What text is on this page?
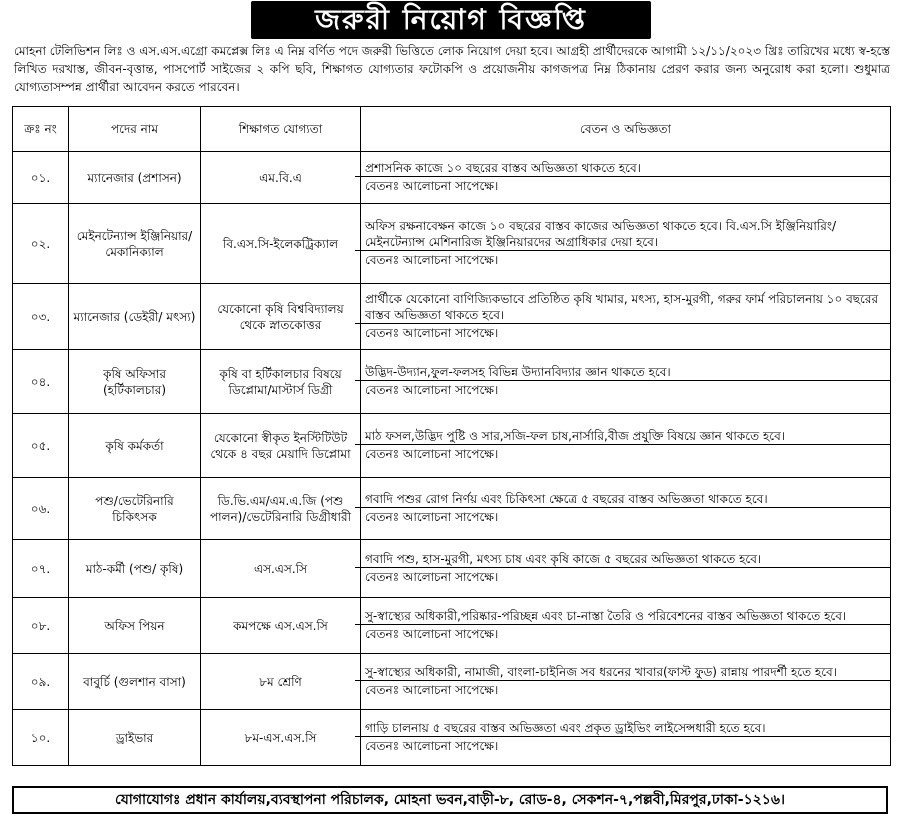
জরুরী নিয়োগ বিজ্ঞপ্তি
মোহনা টেলিভিশন লিঃ ও এস.এস.এগ্রো কমপ্লেক্স লিঃ এ নিম্ন বর্ণিত পদে জরুরী ভিত্তিতে লোক নিয়োগ দেয়া হবে। আগ্রহী প্রার্থীদেরকে আগামী ১২/১১/২০২৩ খ্রিঃ তারিখের মধ্যে স্ব-হস্তে লিখিত দরখাস্ত, জীবন-বৃত্তান্ত, পাসপোর্ট সাইজের ২ কপি ছবি, শিক্ষাগত যোগ্যতার ফটোকপি ও প্রয়োজনীয় কাগজপত্র নিম্ন ঠিকানায় প্রেরণ করার জন্য অনুরোধ করা হলো। শুধুমাত্র যোগ্যতাসম্পন্ন প্রার্থীরা আবেদন করতে পারবেন।
ক্রঃ নং	পদের নাম	শিক্ষাগত যোগ্যতা	বেতন ও অভিজ্ঞতা
০১.	ম্যানেজার (প্রশাসন)	এম.বি.এ	প্রশাসনিক কাজে ১০ বছরের বাস্তব অভিজ্ঞতা থাকতে হবে।
বেতনঃ আলোচনা সাপেক্ষে।

০২.	মেইনটেন্যান্স ইঞ্জিনিয়ার/ মেকানিক্যাল	বি.এস.সি-ইলেকট্রিক্যাল	অফিস রক্ষনাবেক্ষন কাজে ১০ বছরের বাস্তব কাজের অভিজ্ঞতা থাকতে হবে। বি.এস.সি ইঞ্জিনিয়ারিং/মেইনটেন্যান্স মেশিনারিজ ইঞ্জিনিয়ারদের অগ্রাধিকার দেয়া হবে।
বেতনঃ আলোচনা সাপেক্ষে।

০৩.	ম্যানেজার (ডেইরী/ মৎস্য)	যেকোনো কৃষি বিশ্ববিদ্যালয় থেকে স্নাতকোত্তর	প্রার্থীকে যেকোনো বাণিজ্যিকভাবে প্রতিষ্ঠিত কৃষি খামার, মৎস্য, হাস-মুরগী, গরুর ফার্ম পরিচালনায় ১০ বছরের বাস্তব অভিজ্ঞতা থাকতে হবে।
বেতনঃ আলোচনা সাপেক্ষে।

০৪.	কৃষি অফিসার (হর্টিকালচার)	কৃষি বা হর্টিকালচার বিষয়ে ডিপ্লোমা/মাস্টার্স ডিগ্রী	উদ্ভিদ-উদ্যান,ফুল-ফলসহ বিভিন্ন উদ্যানবিদ্যার জ্ঞান থাকতে হবে।
বেতনঃ আলোচনা সাপেক্ষে।

০৫.	কৃষি কর্মকর্তা	যেকোনো স্বীকৃত ইনস্টিটিউট থেকে ৪ বছর মেয়াদি ডিপ্লোমা	মাঠ ফসল,উদ্ভিদ পুষ্টি ও সার,সজি-ফল চাষ,নার্সারি,বীজ প্রযুক্তি বিষয়ে জ্ঞান থাকতে হবে।
বেতনঃ আলোচনা সাপেক্ষে।

০৬.	পশু/ভেটেরিনারি চিকিৎসক	ডি.ভি.এম/এম.এ.জি (পশু পালন)/ভেটেরিনারি ডিগ্রীধারী	গবাদি পশুর রোগ নির্ণয় এবং চিকিৎসা ক্ষেত্রে ৫ বছরের বাস্তব অভিজ্ঞতা থাকতে হবে।
বেতনঃ আলোচনা সাপেক্ষে।

০৭.	মাঠ-কর্মী (পশু/ কৃষি)	এস.এস.সি	গবাদি পশু, হাস-মুরগী, মৎস্য চাষ এবং কৃষি কাজে ৫ বছরের অভিজ্ঞতা থাকতে হবে।
বেতনঃ আলোচনা সাপেক্ষে।

০৮.	অফিস পিয়ন	কমপক্ষে এস.এস.সি	সু-স্বাস্থ্যের অধিকারী,পরিষ্কার-পরিচ্ছন্ন এবং চা-নাস্তা তৈরি ও পরিবেশনের বাস্তব অভিজ্ঞতা থাকতে হবে।
বেতনঃ আলোচনা সাপেক্ষে।

০৯.	বাবুর্চি (গুলশান বাসা)	৮ম শ্রেণি	সু-স্বাস্থ্যের অধিকারী, নামাজী, বাংলা-চাইনিজ সব ধরনের খাবার(ফাস্ট ফুড) রান্নায় পারদর্শী হতে হবে।
বেতনঃ আলোচনা সাপেক্ষে।

১০.	ড্রাইভার	৮ম-এস.এস.সি	গাড়ি চালনায় ৫ বছরের বাস্তব অভিজ্ঞতা এবং প্রকৃত ড্রাইভিং লাইসেন্সধারী হতে হবে।
বেতনঃ আলোচনা সাপেক্ষে।
যোগাযোগঃ প্রধান কার্যালয়,ব্যবস্থাপনা পরিচালক, মোহনা ভবন,বাড়ী-৮, রোড-৪, সেকশন-৭,পল্লবী,মিরপুর,ঢাকা-১২১৬।
